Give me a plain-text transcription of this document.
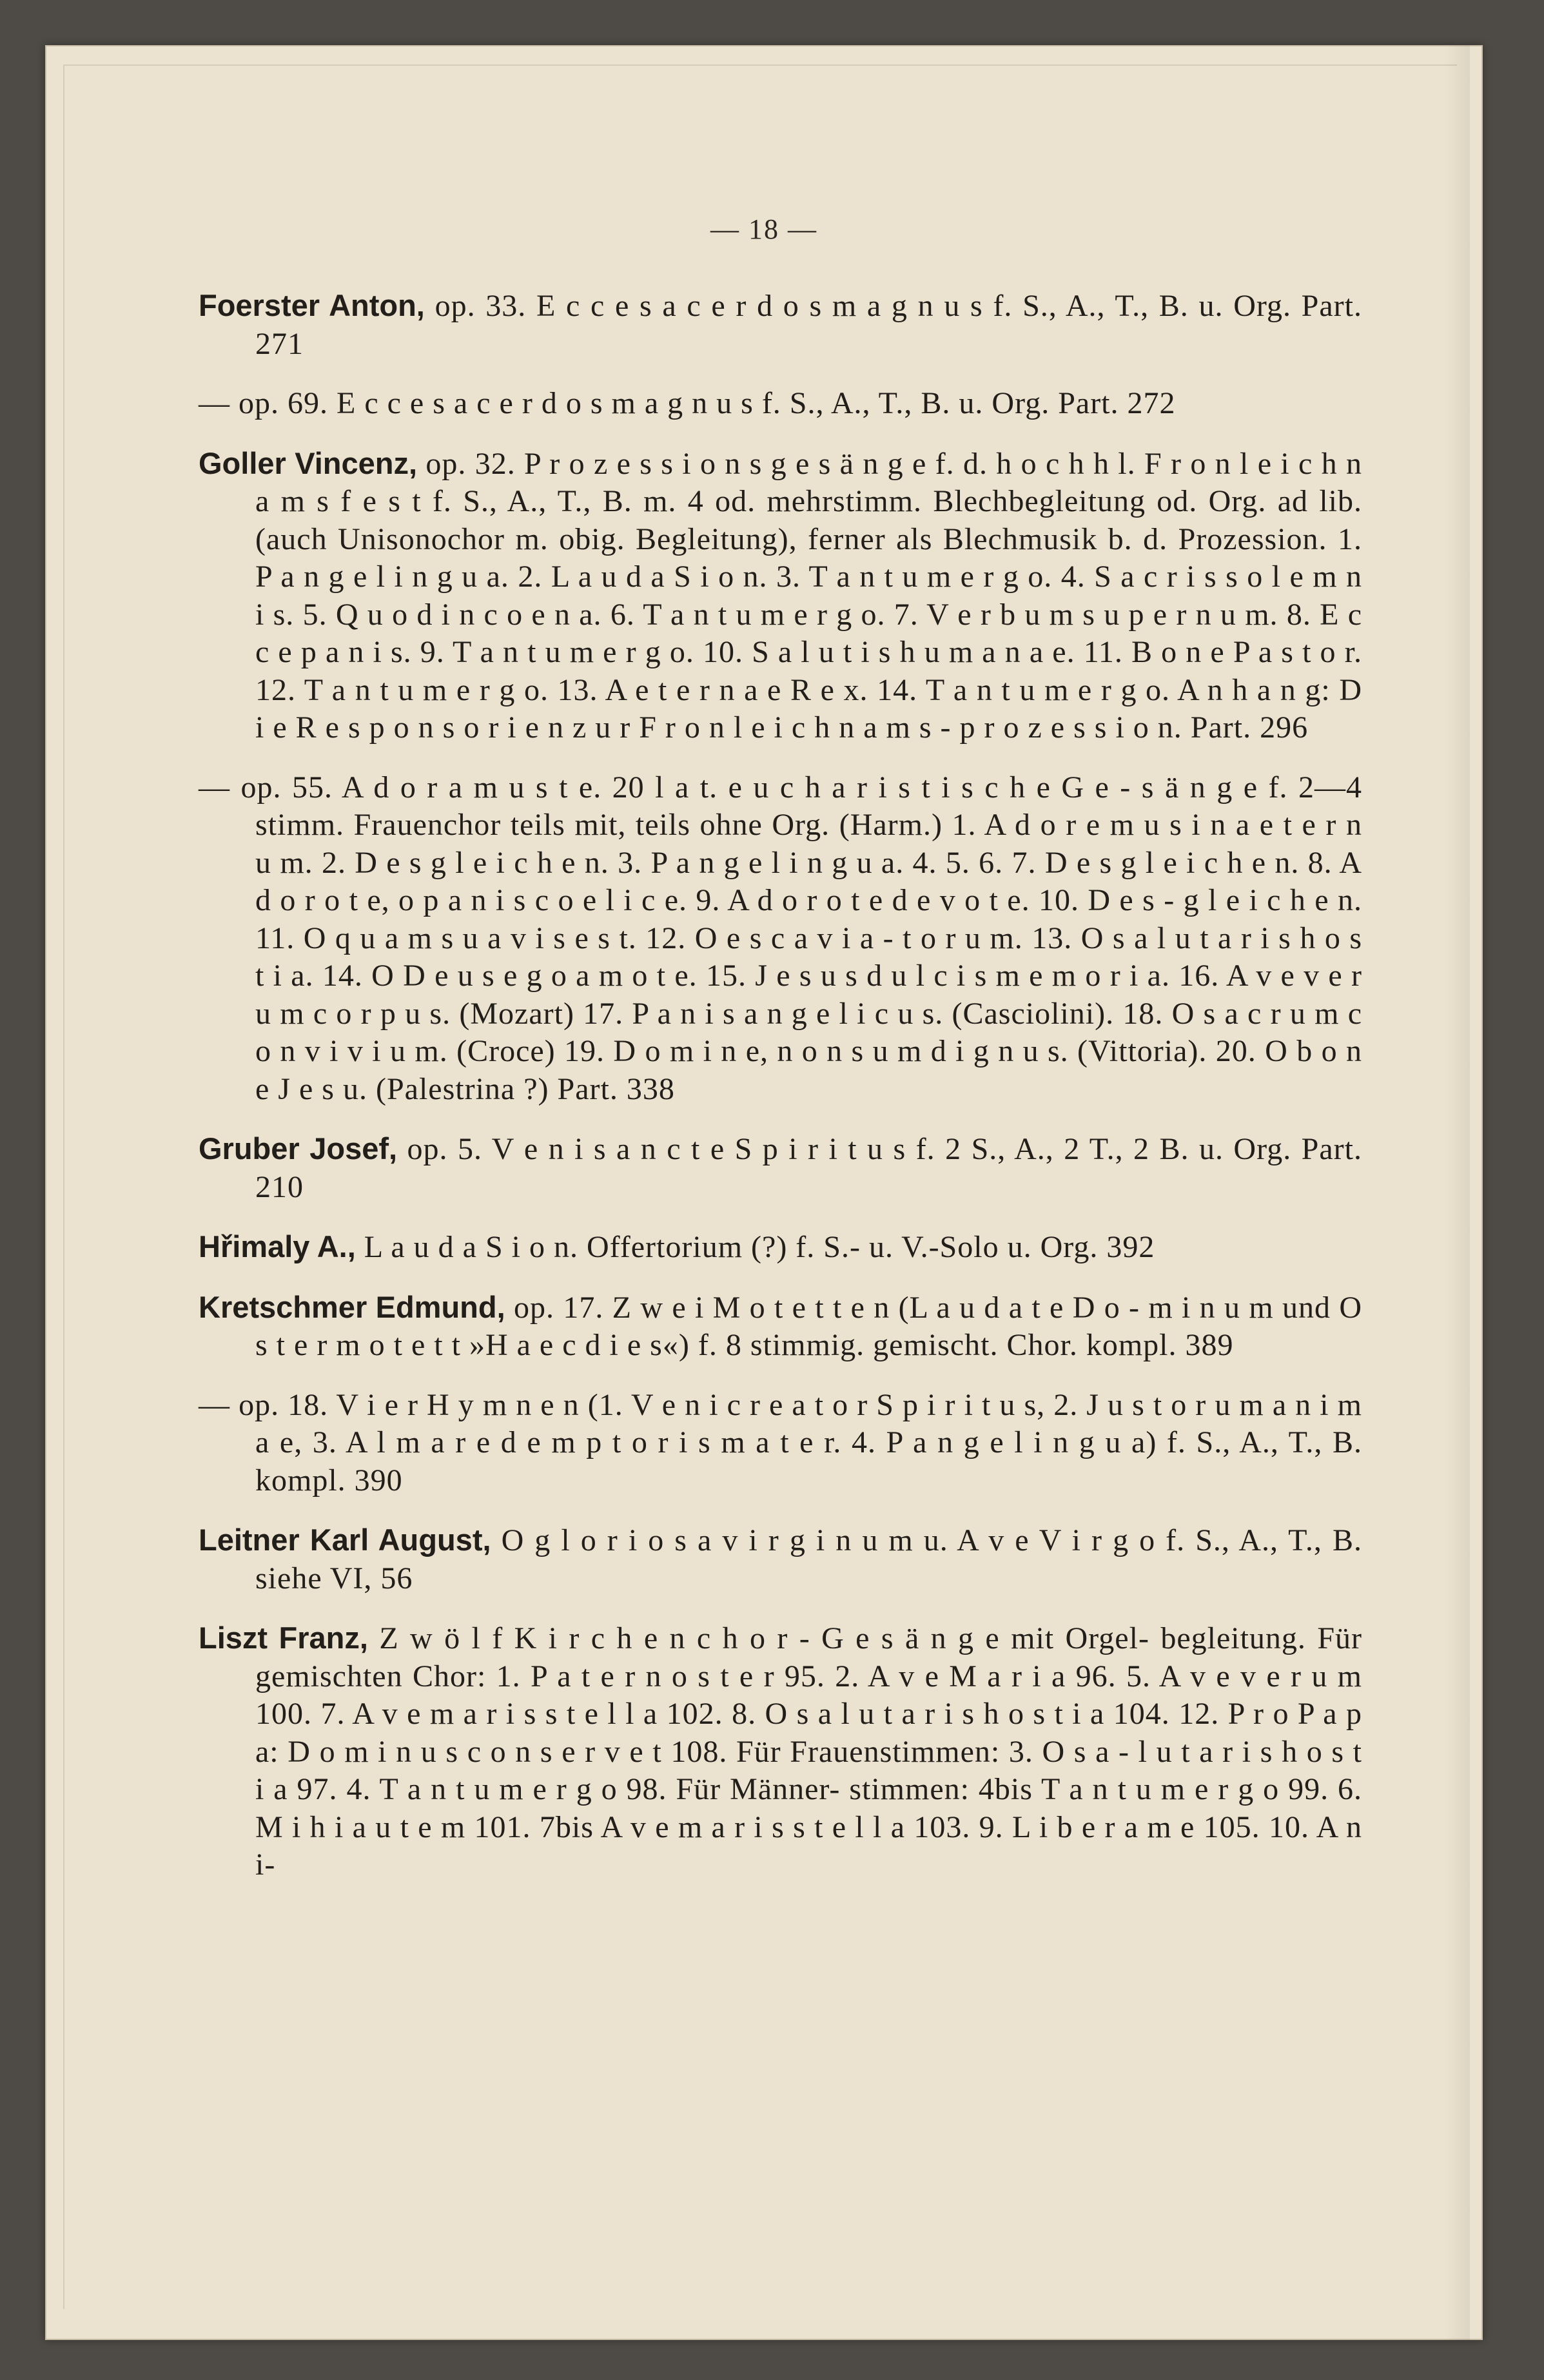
— 18 —

Foerster Anton, op. 33. E c c e s a c e r d o s m a g n u s f. S., A., T., B. u. Org. Part. 271

— op. 69. E c c e s a c e r d o s m a g n u s f. S., A., T., B. u. Org. Part. 272

Goller Vincenz, op. 32. P r o z e s s i o n s g e s ä n g e f. d. h o c h h l. F r o n l e i c h n a m s f e s t f. S., A., T., B. m. 4 od. mehrstimm. Blechbegleitung od. Org. ad lib. (auch Unisonochor m. obig. Begleitung), ferner als Blechmusik b. d. Prozession. 1. P a n g e l i n g u a. 2. L a u d a S i o n. 3. T a n t u m e r g o. 4. S a c r i s s o l e m n i s. 5. Q u o d i n c o e n a. 6. T a n t u m e r g o. 7. V e r b u m s u p e r n u m. 8. E c c e p a n i s. 9. T a n t u m e r g o. 10. S a l u t i s h u m a n a e. 11. B o n e P a s t o r. 12. T a n t u m e r g o. 13. A e t e r n a e R e x. 14. T a n t u m e r g o. A n h a n g: D i e R e s p o n s o r i e n z u r F r o n l e i c h n a m s - p r o z e s s i o n. Part. 296

— op. 55. A d o r a m u s t e. 20 l a t. e u c h a r i s t i s c h e G e - s ä n g e f. 2—4 stimm. Frauenchor teils mit, teils ohne Org. (Harm.) 1. A d o r e m u s i n a e t e r n u m. 2. D e s g l e i c h e n. 3. P a n g e l i n g u a. 4. 5. 6. 7. D e s g l e i c h e n. 8. A d o r o t e, o p a n i s c o e l i c e. 9. A d o r o t e d e v o t e. 10. D e s - g l e i c h e n. 11. O q u a m s u a v i s e s t. 12. O e s c a v i a - t o r u m. 13. O s a l u t a r i s h o s t i a. 14. O D e u s e g o a m o t e. 15. J e s u s d u l c i s m e m o r i a. 16. A v e v e r u m c o r p u s. (Mozart) 17. P a n i s a n g e l i c u s. (Casciolini). 18. O s a c r u m c o n v i v i u m. (Croce) 19. D o m i n e, n o n s u m d i g n u s. (Vittoria). 20. O b o n e J e s u. (Palestrina ?) Part. 338

Gruber Josef, op. 5. V e n i s a n c t e S p i r i t u s f. 2 S., A., 2 T., 2 B. u. Org. Part. 210

Hřimaly A., L a u d a S i o n. Offertorium (?) f. S.- u. V.-Solo u. Org. 392

Kretschmer Edmund, op. 17. Z w e i M o t e t t e n (L a u d a t e D o - m i n u m und O s t e r m o t e t t »H a e c d i e s«) f. 8 stimmig. gemischt. Chor. kompl. 389

— op. 18. V i e r H y m n e n (1. V e n i c r e a t o r S p i r i t u s, 2. J u s t o r u m a n i m a e, 3. A l m a r e d e m p t o r i s m a t e r. 4. P a n g e l i n g u a) f. S., A., T., B. kompl. 390

Leitner Karl August, O g l o r i o s a v i r g i n u m u. A v e V i r g o f. S., A., T., B. siehe VI, 56

Liszt Franz, Z w ö l f K i r c h e n c h o r - G e s ä n g e mit Orgel- begleitung. Für gemischten Chor: 1. P a t e r n o s t e r 95. 2. A v e M a r i a 96. 5. A v e v e r u m 100. 7. A v e m a r i s s t e l l a 102. 8. O s a l u t a r i s h o s t i a 104. 12. P r o P a p a: D o m i n u s c o n s e r v e t 108. Für Frauenstimmen: 3. O s a - l u t a r i s h o s t i a 97. 4. T a n t u m e r g o 98. Für Männer- stimmen: 4bis T a n t u m e r g o 99. 6. M i h i a u t e m 101. 7bis A v e m a r i s s t e l l a 103. 9. L i b e r a m e 105. 10. A n i-
